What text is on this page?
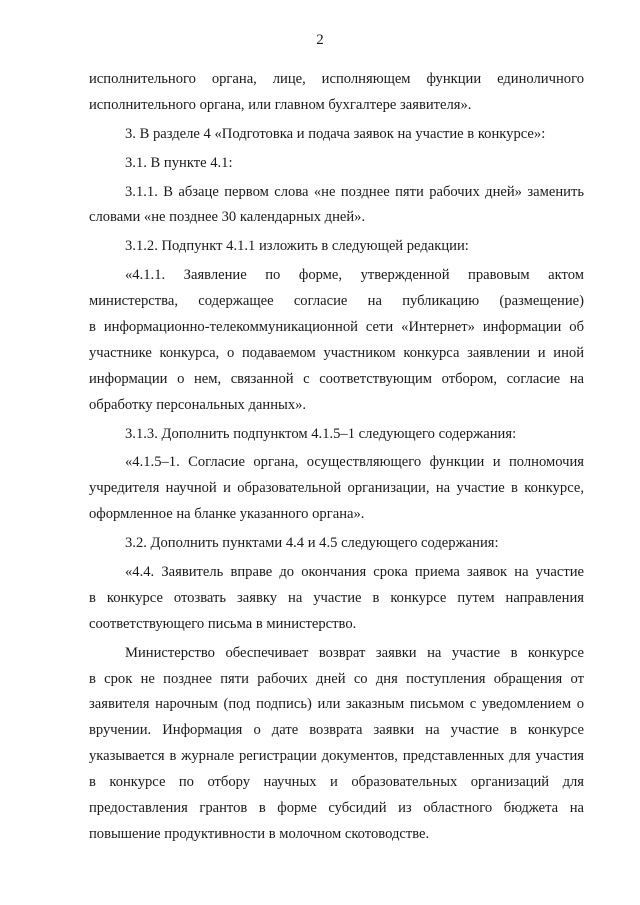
2
исполнительного органа, лице, исполняющем функции единоличного
исполнительного органа, или главном бухгалтере заявителя».
3. В разделе 4 «Подготовка и подача заявок на участие в конкурсе»:
3.1. В пункте 4.1:
3.1.1. В абзаце первом слова «не позднее пяти рабочих дней» заменить
словами «не позднее 30 календарных дней».
3.1.2. Подпункт 4.1.1 изложить в следующей редакции:
«4.1.1. Заявление по форме, утвержденной правовым актом
министерства, содержащее согласие на публикацию (размещение)
в информационно-телекоммуникационной сети «Интернет» информации об
участнике конкурса, о подаваемом участником конкурса заявлении и иной
информации о нем, связанной с соответствующим отбором, согласие на
обработку персональных данных».
3.1.3. Дополнить подпунктом 4.1.5–1 следующего содержания:
«4.1.5–1. Согласие органа, осуществляющего функции и полномочия
учредителя научной и образовательной организации, на участие в конкурсе,
оформленное на бланке указанного органа».
3.2. Дополнить пунктами 4.4 и 4.5 следующего содержания:
«4.4. Заявитель вправе до окончания срока приема заявок на участие
в конкурсе отозвать заявку на участие в конкурсе путем направления
соответствующего письма в министерство.
Министерство обеспечивает возврат заявки на участие в конкурсе
в срок не позднее пяти рабочих дней со дня поступления обращения от
заявителя нарочным (под подпись) или заказным письмом с уведомлением о
вручении. Информация о дате возврата заявки на участие в конкурсе
указывается в журнале регистрации документов, представленных для участия
в конкурсе по отбору научных и образовательных организаций для
предоставления грантов в форме субсидий из областного бюджета на
повышение продуктивности в молочном скотоводстве.
